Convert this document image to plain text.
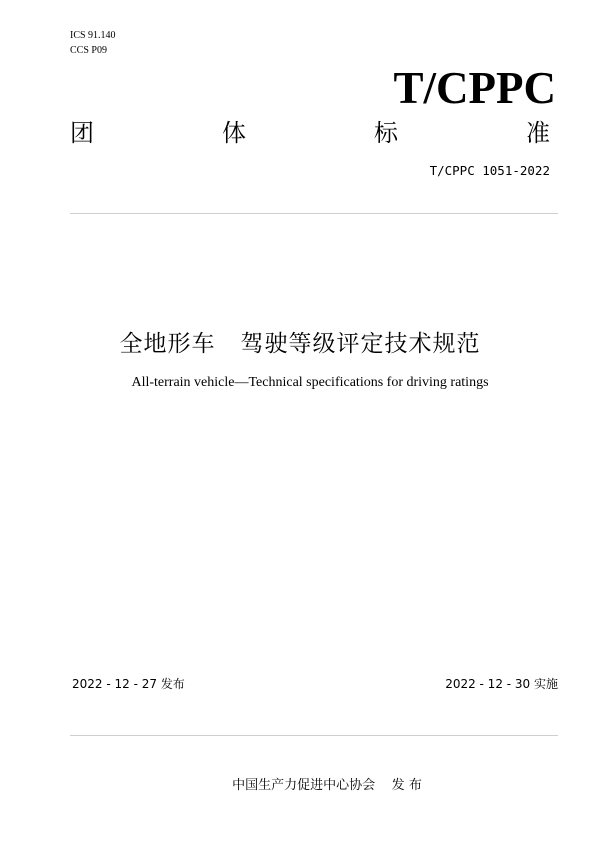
ICS 91.140
CCS P09
T/CPPC
团	体	标	准
T/CPPC 1051-2022
全地形车   驾驶等级评定技术规范
All-terrain vehicle—Technical specifications for driving ratings
2022 - 12 - 27 发布	2022 - 12 - 30 实施
中国生产力促进中心协会    发 布
